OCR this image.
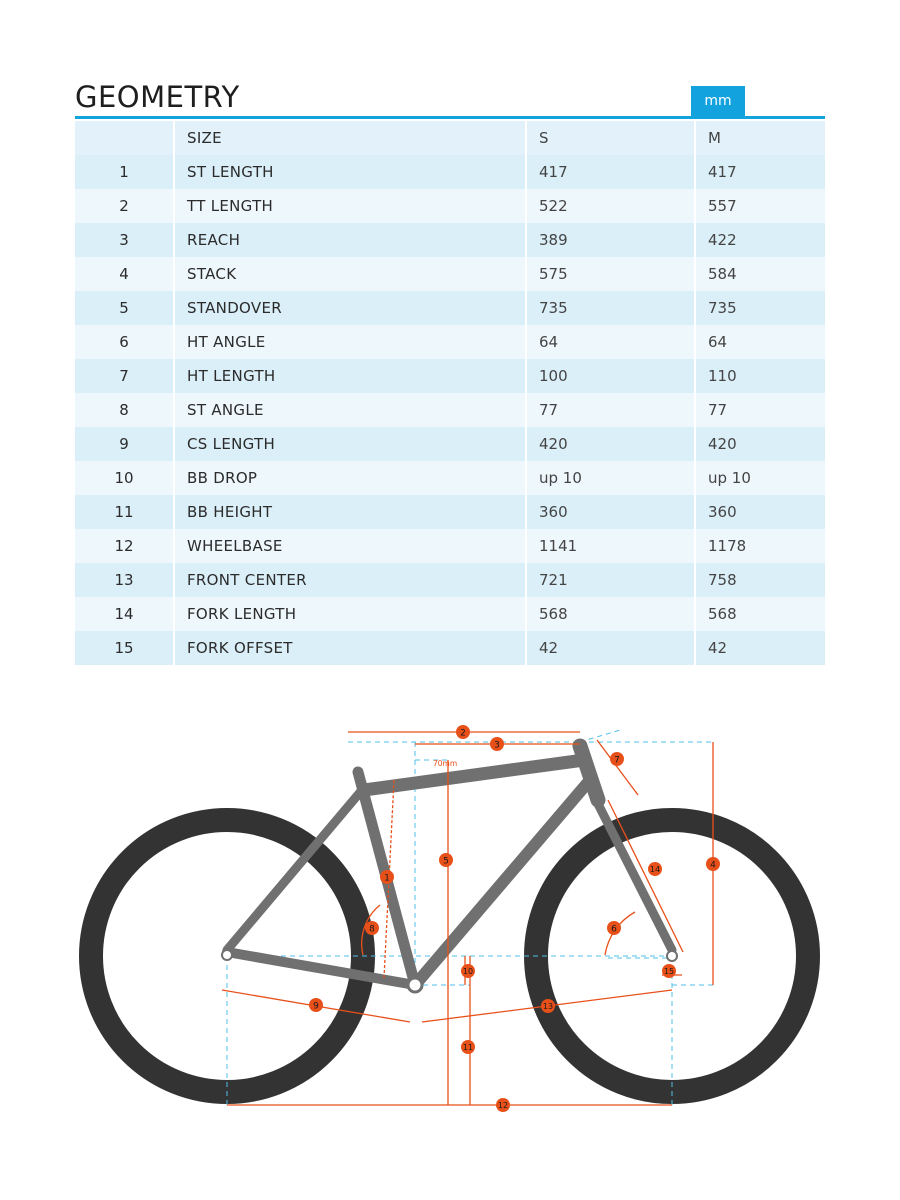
GEOMETRY	mm
	SIZE	S	M
1	ST LENGTH	417	417
2	TT LENGTH	522	557
3	REACH	389	422
4	STACK	575	584
5	STANDOVER	735	735
6	HT ANGLE	64	64
7	HT LENGTH	100	110
8	ST ANGLE	77	77
9	CS LENGTH	420	420
10	BB DROP	up 10	up 10
11	BB HEIGHT	360	360
12	WHEELBASE	1141	1178
13	FRONT CENTER	721	758
14	FORK LENGTH	568	568
15	FORK OFFSET	42	42
70mm
1
2
3
4
5
6
7
8
9
10
11
12
13
14
15
